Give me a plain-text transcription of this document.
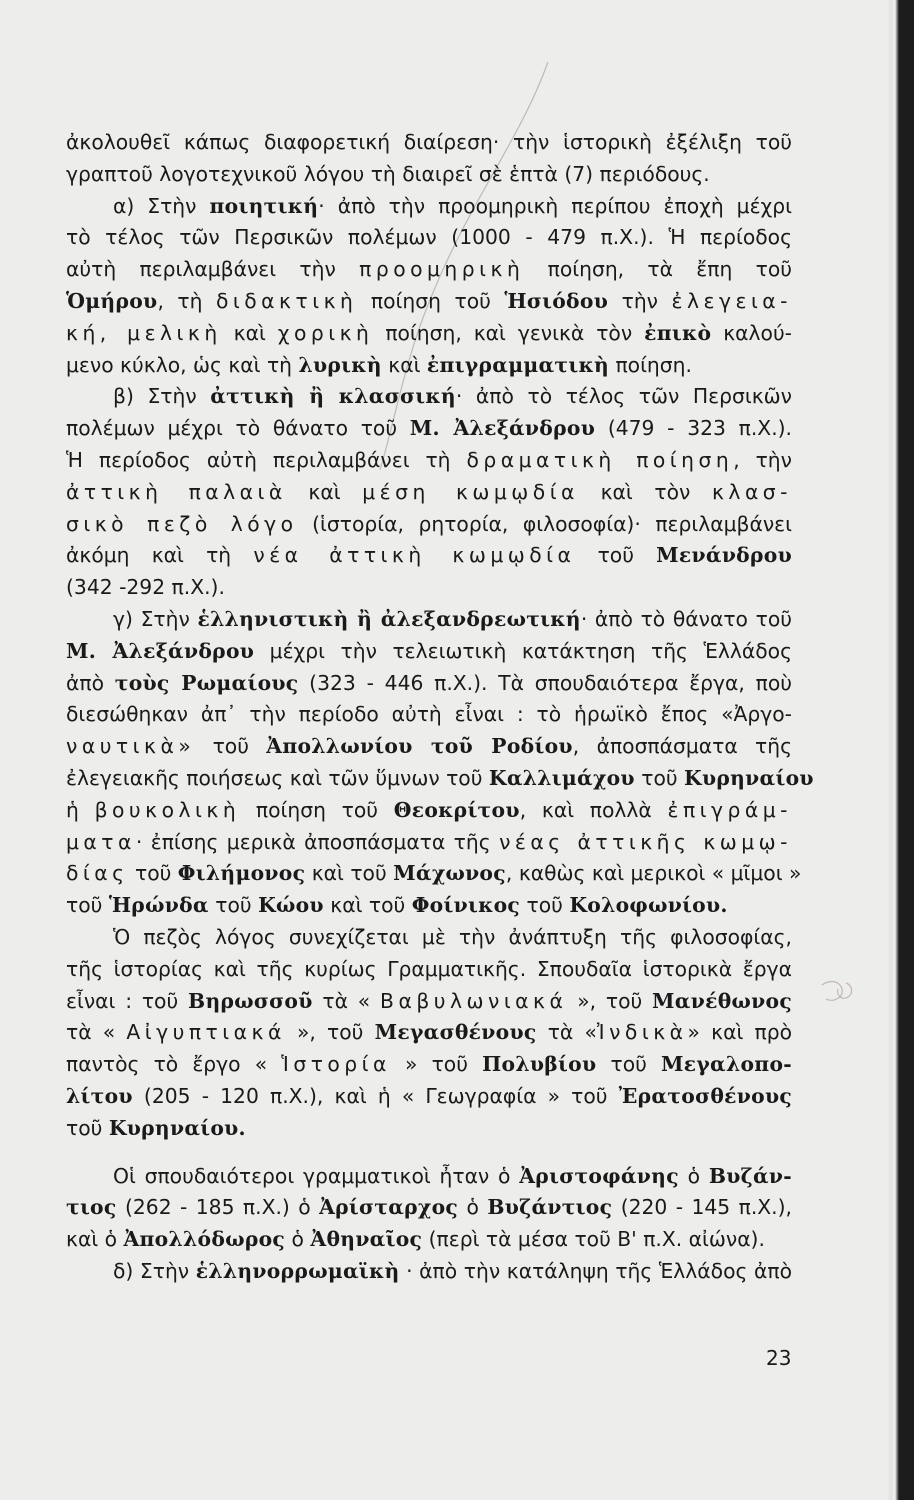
ἀκολουθεῖ κάπως διαφορετική διαίρεση· τὴν ἱστορικὴ ἐξέλιξη τοῦ
γραπτοῦ λογοτεχνικοῦ λόγου τὴ διαιρεῖ σὲ ἑπτὰ (7) περιόδους.
α) Στὴν ποιητική· ἀπὸ τὴν προομηρικὴ περίπου ἐποχὴ μέχρι
τὸ τέλος τῶν Περσικῶν πολέμων (1000 - 479 π.Χ.). Ἡ περίοδος
αὐτὴ περιλαμβάνει τὴν προομηρικὴ ποίηση, τὰ ἔπη τοῦ
Ὁμήρου, τὴ διδακτικὴ ποίηση τοῦ Ἡσιόδου τὴν ἐλεγεια-
κή, μελικὴ καὶ χορικὴ ποίηση, καὶ γενικὰ τὸν ἐπικὸ καλού-
μενο κύκλο, ὡς καὶ τὴ λυρικὴ καὶ ἐπιγραμματικὴ ποίηση.
β) Στὴν ἀττικὴ ἢ κλασσική· ἀπὸ τὸ τέλος τῶν Περσικῶν
πολέμων μέχρι τὸ θάνατο τοῦ Μ. Ἀλεξάνδρου (479 - 323 π.Χ.).
Ἡ περίοδος αὐτὴ περιλαμβάνει τὴ δραματικὴ ποίηση, τὴν
ἀττικὴ παλαιὰ καὶ μέση κωμῳδία καὶ τὸν κλασ-
σικὸ πεζὸ λόγο (ἱστορία, ρητορία, φιλοσοφία)· περιλαμβάνει
ἀκόμη καὶ τὴ νέα ἀττικὴ κωμῳδία τοῦ Μενάνδρου
(342 -292 π.Χ.).
γ) Στὴν ἑλληνιστικὴ ἢ ἀλεξανδρεωτική· ἀπὸ τὸ θάνατο τοῦ
Μ. Ἀλεξάνδρου μέχρι τὴν τελειωτικὴ κατάκτηση τῆς Ἑλλάδος
ἀπὸ τοὺς Ρωμαίους (323 - 446 π.Χ.). Τὰ σπουδαιότερα ἔργα, ποὺ
διεσώθηκαν ἀπ᾽ τὴν περίοδο αὐτὴ εἶναι : τὸ ἡρωϊκὸ ἔπος «Ἀργο-
ναυτικὰ» τοῦ Ἀπολλωνίου τοῦ Ροδίου, ἀποσπάσματα τῆς
ἐλεγειακῆς ποιήσεως καὶ τῶν ὕμνων τοῦ Καλλιμάχου τοῦ Κυρηναίου
ἡ βουκολικὴ ποίηση τοῦ Θεοκρίτου, καὶ πολλὰ ἐπιγράμ-
ματα· ἐπίσης μερικὰ ἀποσπάσματα τῆς νέας ἀττικῆς κωμῳ-
δίας τοῦ Φιλήμονος καὶ τοῦ Μάχωνος, καθὼς καὶ μερικοὶ « μῖμοι »
τοῦ Ἡρώνδα τοῦ Κώου καὶ τοῦ Φοίνικος τοῦ Κολοφωνίου.
Ὁ πεζὸς λόγος συνεχίζεται μὲ τὴν ἀνάπτυξη τῆς φιλοσοφίας,
τῆς ἱστορίας καὶ τῆς κυρίως Γραμματικῆς. Σπουδαῖα ἱστορικὰ ἔργα
εἶναι : τοῦ Βηρωσσοῦ τὰ « Βαβυλωνιακά », τοῦ Μανέθωνος
τὰ « Αἰγυπτιακά », τοῦ Μεγασθένους τὰ «Ἰνδικὰ» καὶ πρὸ
παντὸς τὸ ἔργο « Ἱστορία » τοῦ Πολυβίου τοῦ Μεγαλοπο-
λίτου (205 - 120 π.Χ.), καὶ ἡ « Γεωγραφία » τοῦ Ἐρατοσθένους
τοῦ Κυρηναίου.
Οἱ σπουδαιότεροι γραμματικοὶ ἦταν ὁ Ἀριστοφάνης ὁ Βυζάν-
τιος (262 - 185 π.Χ.) ὁ Ἀρίσταρχος ὁ Βυζάντιος (220 - 145 π.Χ.),
καὶ ὁ Ἀπολλόδωρος ὁ Ἀθηναῖος (περὶ τὰ μέσα τοῦ Β' π.Χ. αἰώνα).
δ) Στὴν ἑλληνορρωμαϊκὴ · ἀπὸ τὴν κατάληψη τῆς Ἑλλάδος ἀπὸ
23
